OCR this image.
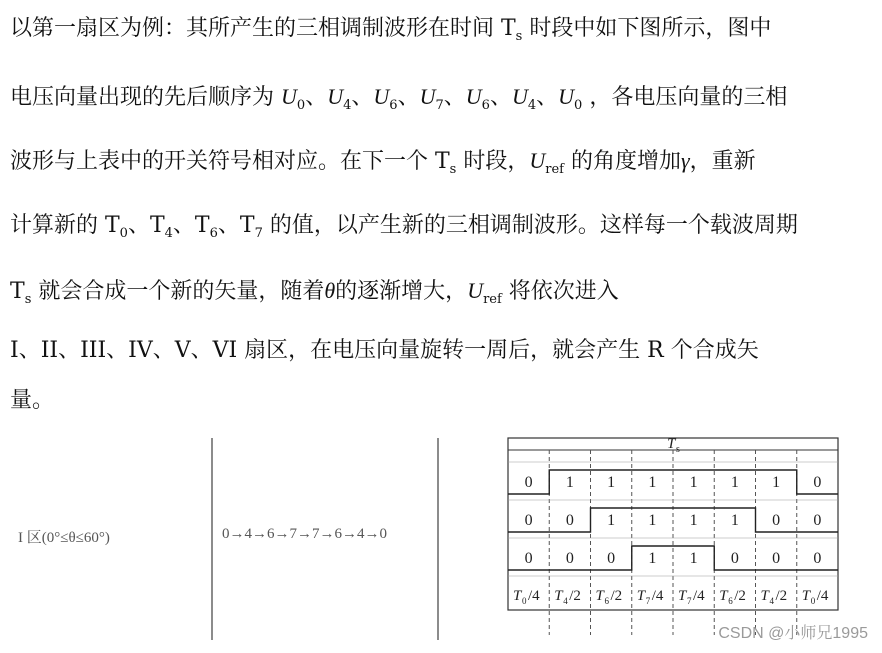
以第一扇区为例：其所产生的三相调制波形在时间 $T_s$ 时段中如下图所示，图中
电压向量出现的先后顺序为 $U_0$、$U_4$、$U_6$、$U_7$、$U_6$、$U_4$、$U_0$ ，各电压向量的三相
波形与上表中的开关符号相对应。在下一个 $T_s$ 时段，$U_{ref}$ 的角度增加γ，重新
计算新的 $T_0$、$T_4$、$T_6$、$T_7$ 的值，以产生新的三相调制波形。这样每一个载波周期
$T_s$ 就会合成一个新的矢量，随着θ的逐渐增大，$U_{ref}$ 将依次进入
I、II、III、IV、V、VI 扇区，在电压向量旋转一周后，就会产生 R 个合成矢
量。
T s
0 1 1 1 1 1 1 0
0 0 1 1 1 1 0 0
0 0 0 1 1 0 0 0
T 0 /4 T 4 /2 T 6 /2 T 7 /4 T 7 /4 T 6 /2 T 4 /2 T 0 /4
I 区(0°≤θ≤60°)	0→4→6→7→7→6→4→0
CSDN @小师兄1995
